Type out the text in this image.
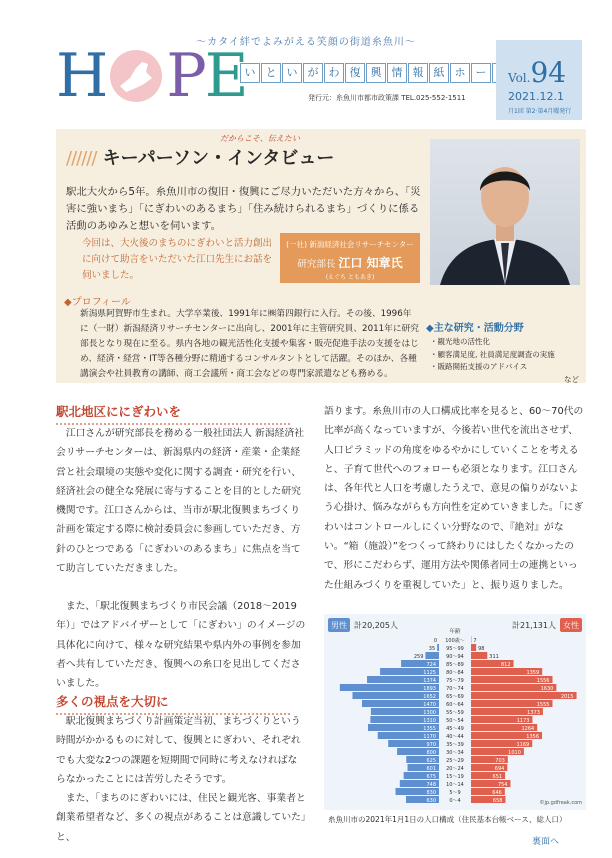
〜カタイ絆でよみがえる笑顔の街道糸魚川〜
H P E
い と い が わ 復 興 情 報 紙 ホ ー
発行元：糸魚川市都市政策課 TEL.025-552-1511
Vol.94
2021.12.1
月1回 第2·第4月曜発行
だからこそ、伝えたい
////// キーパーソン・インタビュー
駅北大火から5年。糸魚川市の復旧・復興にご尽力いただいた方々から、「災害に強いまち」「にぎわいのあるまち」「住み続けられるまち」づくりに係る活動のあゆみと想いを伺います。
今回は、大火後のまちのにぎわいと活力創出に向けて助言をいただいた江口先生にお話を伺いました。
(一社) 新潟経済社会リサーチセンター
研究部長 江口 知章氏
(えぐち ともあき)
◆プロフィール
新潟県阿賀野市生まれ。大学卒業後、1991年に㈱第四銀行に入行。その後、1996年に（一財）新潟経済リサーチセンターに出向し、2001年に主管研究員、2011年に研究部長となり現在に至る。県内各地の観光活性化支援や集客・販売促進手法の支援をはじめ、経済・経営・IT等各種分野に精通するコンサルタントとして活躍。そのほか、各種講演会や社員教育の講師、商工会議所・商工会などの専門家派遣なども務める。
◆主な研究・活動分野
・観光地の活性化
・顧客満足度, 社員満足度調査の実施
・販路開拓支援のアドバイス
など
駅北地区ににぎわいを
江口さんが研究部長を務める一般社団法人 新潟経済社会リサーチセンターは、新潟県内の経済・産業・企業経営と社会環境の実態や変化に関する調査・研究を行い、経済社会の健全な発展に寄与することを目的とした研究機関です。江口さんからは、当市が駅北復興まちづくり計画を策定する際に検討委員会に参画していただき、方針のひとつである「にぎわいのあるまち」に焦点を当てて助言していただきました。
また、「駅北復興まちづくり市民会議（2018〜2019年）」ではアドバイザーとして「にぎわい」のイメージの具体化に向けて、様々な研究結果や県内外の事例を参加者へ共有していただき、復興への糸口を見出してくださいました。
多くの視点を大切に
駅北復興まちづくり計画策定当初、まちづくりという時間がかかるものに対して、復興とにぎわい、それぞれでも大変な2つの課題を短期間で同時に考えなければならなかったことには苦労したそうです。
また、「まちのにぎわいには、住民と観光客、事業者と創業希望者など、多くの視点があることは意識していた」と、
語ります。糸魚川市の人口構成比率を見ると、60〜70代の比率が高くなっていますが、今後若い世代を流出させず、人口ピラミッドの角度をゆるやかにしていくことを考えると、子育て世代へのフォローも必須となります。江口さんは、各年代と人口を考慮したうえで、意見の偏りがないよう心掛け、悩みながらも方向性を定めていきました。「にぎわいはコントロールしにくい分野なので、『絶対』がない。“箱（施設）”をつくって終わりにはしたくなかったので、形にこだわらず、運用方法や関係者同士の連携といった仕組みづくりを重視していた」と、振り返りました。
男性 計20,205人	女性
計21,131人
年齢
100歳〜
0	7
95〜99
35	98
90〜94
259	311
85〜89
724	812
80〜84
1125	1359
75〜79
1374	1556
70〜74
1893	1630
65〜69
1652	2015
60〜64
1470	1555
55〜59
1300	1373
50〜54
1310	1173
45〜49
1355	1264
40〜44
1170	1356
35〜39
970	1169
30〜34
800	1010
25〜29
625	703
20〜24
601	694
15〜19
675	651
10〜14
748	754
5〜9
830	646
0〜4
630	658	©jp.gdfreak.com
糸魚川市の2021年1月1日の人口構成（住民基本台帳ベース、総人口）
裏面へ
